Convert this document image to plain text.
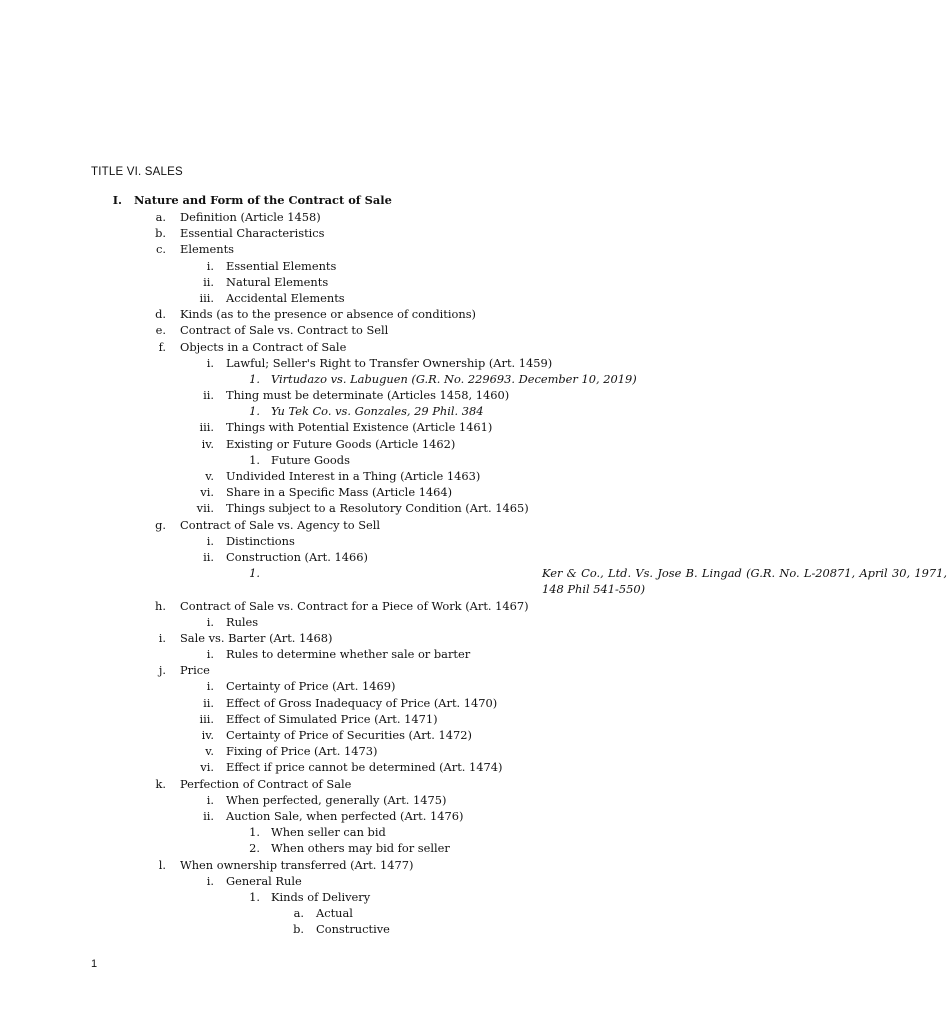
TITLE VI. SALES
I. Nature and Form of the Contract of Sale
a. Definition (Article 1458)
b. Essential Characteristics
c. Elements
i. Essential Elements
ii. Natural Elements
iii. Accidental Elements
d. Kinds (as to the presence or absence of conditions)
e. Contract of Sale vs. Contract to Sell
f. Objects in a Contract of Sale
i. Lawful; Seller's Right to Transfer Ownership (Art. 1459)
1. Virtudazo vs. Labuguen (G.R. No. 229693. December 10, 2019)
ii. Thing must be determinate (Articles 1458, 1460)
1. Yu Tek Co. vs. Gonzales, 29 Phil. 384
iii. Things with Potential Existence (Article 1461)
iv. Existing or Future Goods (Article 1462)
1. Future Goods
v. Undivided Interest in a Thing (Article 1463)
vi. Share in a Specific Mass (Article 1464)
vii. Things subject to a Resolutory Condition (Art. 1465)
g. Contract of Sale vs. Agency to Sell
i. Distinctions
ii. Construction (Art. 1466)
1.	Ker & Co., Ltd. Vs. Jose B. Lingad (G.R. No. L-20871, April 30, 1971, 148 Phil 541-550)
h. Contract of Sale vs. Contract for a Piece of Work (Art. 1467)
i. Rules
i. Sale vs. Barter (Art. 1468)
i. Rules to determine whether sale or barter
j. Price
i. Certainty of Price (Art. 1469)
ii. Effect of Gross Inadequacy of Price (Art. 1470)
iii. Effect of Simulated Price (Art. 1471)
iv. Certainty of Price of Securities (Art. 1472)
v. Fixing of Price (Art. 1473)
vi. Effect if price cannot be determined (Art. 1474)
k. Perfection of Contract of Sale
i. When perfected, generally (Art. 1475)
ii. Auction Sale, when perfected (Art. 1476)
1. When seller can bid
2. When others may bid for seller
l. When ownership transferred (Art. 1477)
i. General Rule
1. Kinds of Delivery
a. Actual
b. Constructive
1
